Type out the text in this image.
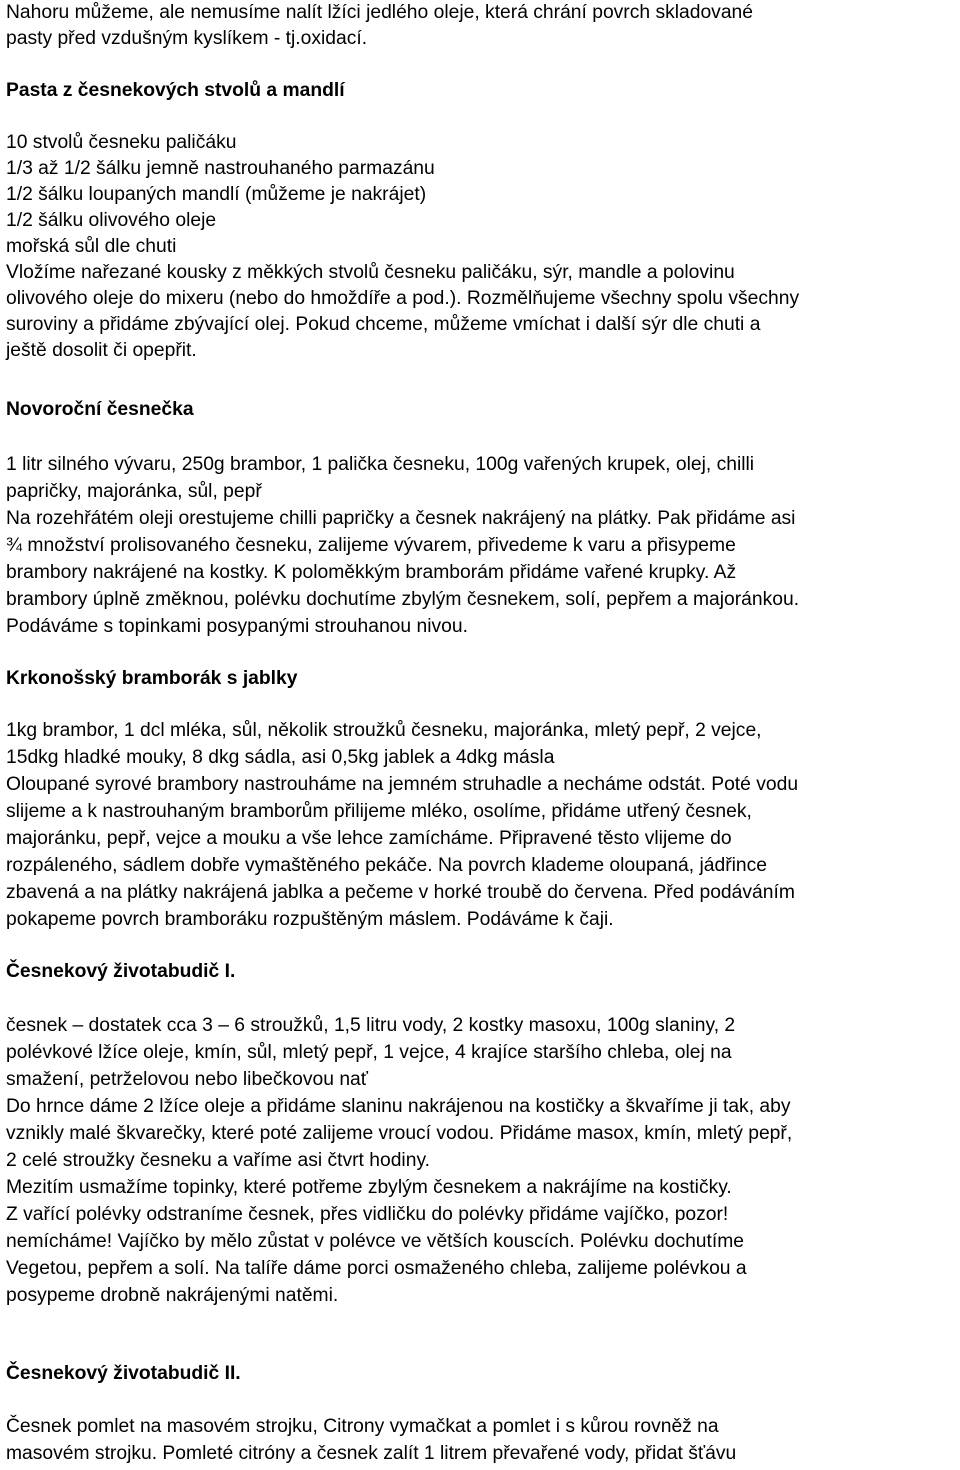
Nahoru můžeme, ale nemusíme nalít lžíci jedlého oleje, která chrání povrch skladované
pasty před vzdušným kyslíkem - tj.oxidací.
Pasta z česnekových stvolů a mandlí
10 stvolů česneku paličáku
1/3 až 1/2 šálku jemně nastrouhaného parmazánu
1/2 šálku loupaných mandlí (můžeme je nakrájet)
1/2 šálku olivového oleje
mořská sůl dle chuti
Vložíme nařezané kousky z měkkých stvolů česneku paličáku, sýr, mandle a polovinu
olivového oleje do mixeru (nebo do hmoždíře a pod.). Rozmělňujeme všechny spolu všechny
suroviny a přidáme zbývající olej. Pokud chceme, můžeme vmíchat i další sýr dle chuti a
ještě dosolit či opepřit.
Novoroční česnečka
1 litr silného vývaru, 250g brambor, 1 palička česneku, 100g vařených krupek, olej, chilli
papričky, majoránka, sůl, pepř
Na rozehřátém oleji orestujeme chilli papričky a česnek nakrájený na plátky. Pak přidáme asi
¾ množství prolisovaného česneku, zalijeme vývarem, přivedeme k varu a přisypeme
brambory nakrájené na kostky. K poloměkkým bramborám přidáme vařené krupky. Až
brambory úplně změknou, polévku dochutíme zbylým česnekem, solí, pepřem a majoránkou.
Podáváme s topinkami posypanými strouhanou nivou.
Krkonošský bramborák s jablky
1kg brambor, 1 dcl mléka, sůl, několik stroužků česneku, majoránka, mletý pepř, 2 vejce,
15dkg hladké mouky, 8 dkg sádla, asi 0,5kg jablek a 4dkg másla
Oloupané syrové brambory nastrouháme na jemném struhadle a necháme odstát. Poté vodu
slijeme a k nastrouhaným bramborům přilijeme mléko, osolíme, přidáme utřený česnek,
majoránku, pepř, vejce a mouku a vše lehce zamícháme. Připravené těsto vlijeme do
rozpáleného, sádlem dobře vymaštěného pekáče. Na povrch klademe oloupaná, jádřince
zbavená a na plátky nakrájená jablka a pečeme v horké troubě do červena. Před podáváním
pokapeme povrch bramboráku rozpuštěným máslem. Podáváme k čaji.
Česnekový životabudič I.
česnek – dostatek cca 3 – 6 stroužků, 1,5 litru vody, 2 kostky masoxu, 100g slaniny, 2
polévkové lžíce oleje, kmín, sůl, mletý pepř, 1 vejce, 4 krajíce staršího chleba, olej na
smažení, petrželovou nebo libečkovou nať
Do hrnce dáme 2 lžíce oleje a přidáme slaninu nakrájenou na kostičky a škvaříme ji tak, aby
vznikly malé škvarečky, které poté zalijeme vroucí vodou. Přidáme masox, kmín, mletý pepř,
2 celé stroužky česneku a vaříme asi čtvrt hodiny.
Mezitím usmažíme topinky, které potřeme zbylým česnekem a nakrájíme na kostičky.
Z vařící polévky odstraníme česnek, přes vidličku do polévky přidáme vajíčko, pozor!
nemícháme! Vajíčko by mělo zůstat v polévce ve větších kouscích. Polévku dochutíme
Vegetou, pepřem a solí. Na talíře dáme porci osmaženého chleba, zalijeme polévkou a
posypeme drobně nakrájenými natěmi.
Česnekový životabudič II.
Česnek pomlet na masovém strojku, Citrony vymačkat a pomlet i s kůrou rovněž na
masovém strojku. Pomleté citróny a česnek zalít 1 litrem převařené vody, přidat šťávu
